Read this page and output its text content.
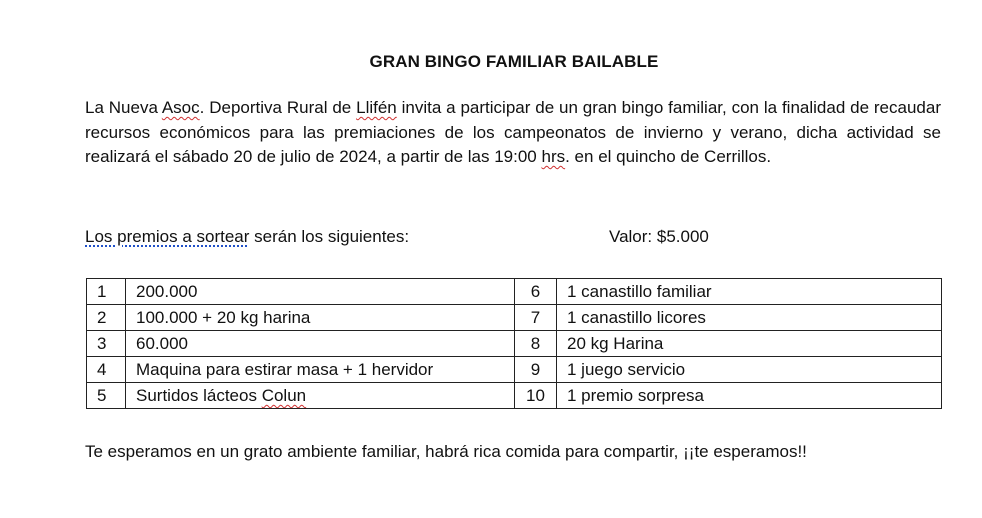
GRAN BINGO FAMILIAR BAILABLE

La Nueva Asoc. Deportiva Rural de Llifén invita a participar de un gran bingo familiar, con la finalidad de recaudar recursos económicos para las premiaciones de los campeonatos de invierno y verano, dicha actividad se realizará el sábado 20 de julio de 2024, a partir de las 19:00 hrs. en el quincho de Cerrillos.

Los premios a sortear serán los siguientes:	Valor: $5.000
1	200.000	6	1 canastillo familiar
2	100.000 + 20 kg harina	7	1 canastillo licores
3	60.000	8	20 kg Harina
4	Maquina para estirar masa + 1 hervidor	9	1 juego servicio
5	Surtidos lácteos Colun	10	1 premio sorpresa

Te esperamos en un grato ambiente familiar, habrá rica comida para compartir, ¡¡te esperamos!!
